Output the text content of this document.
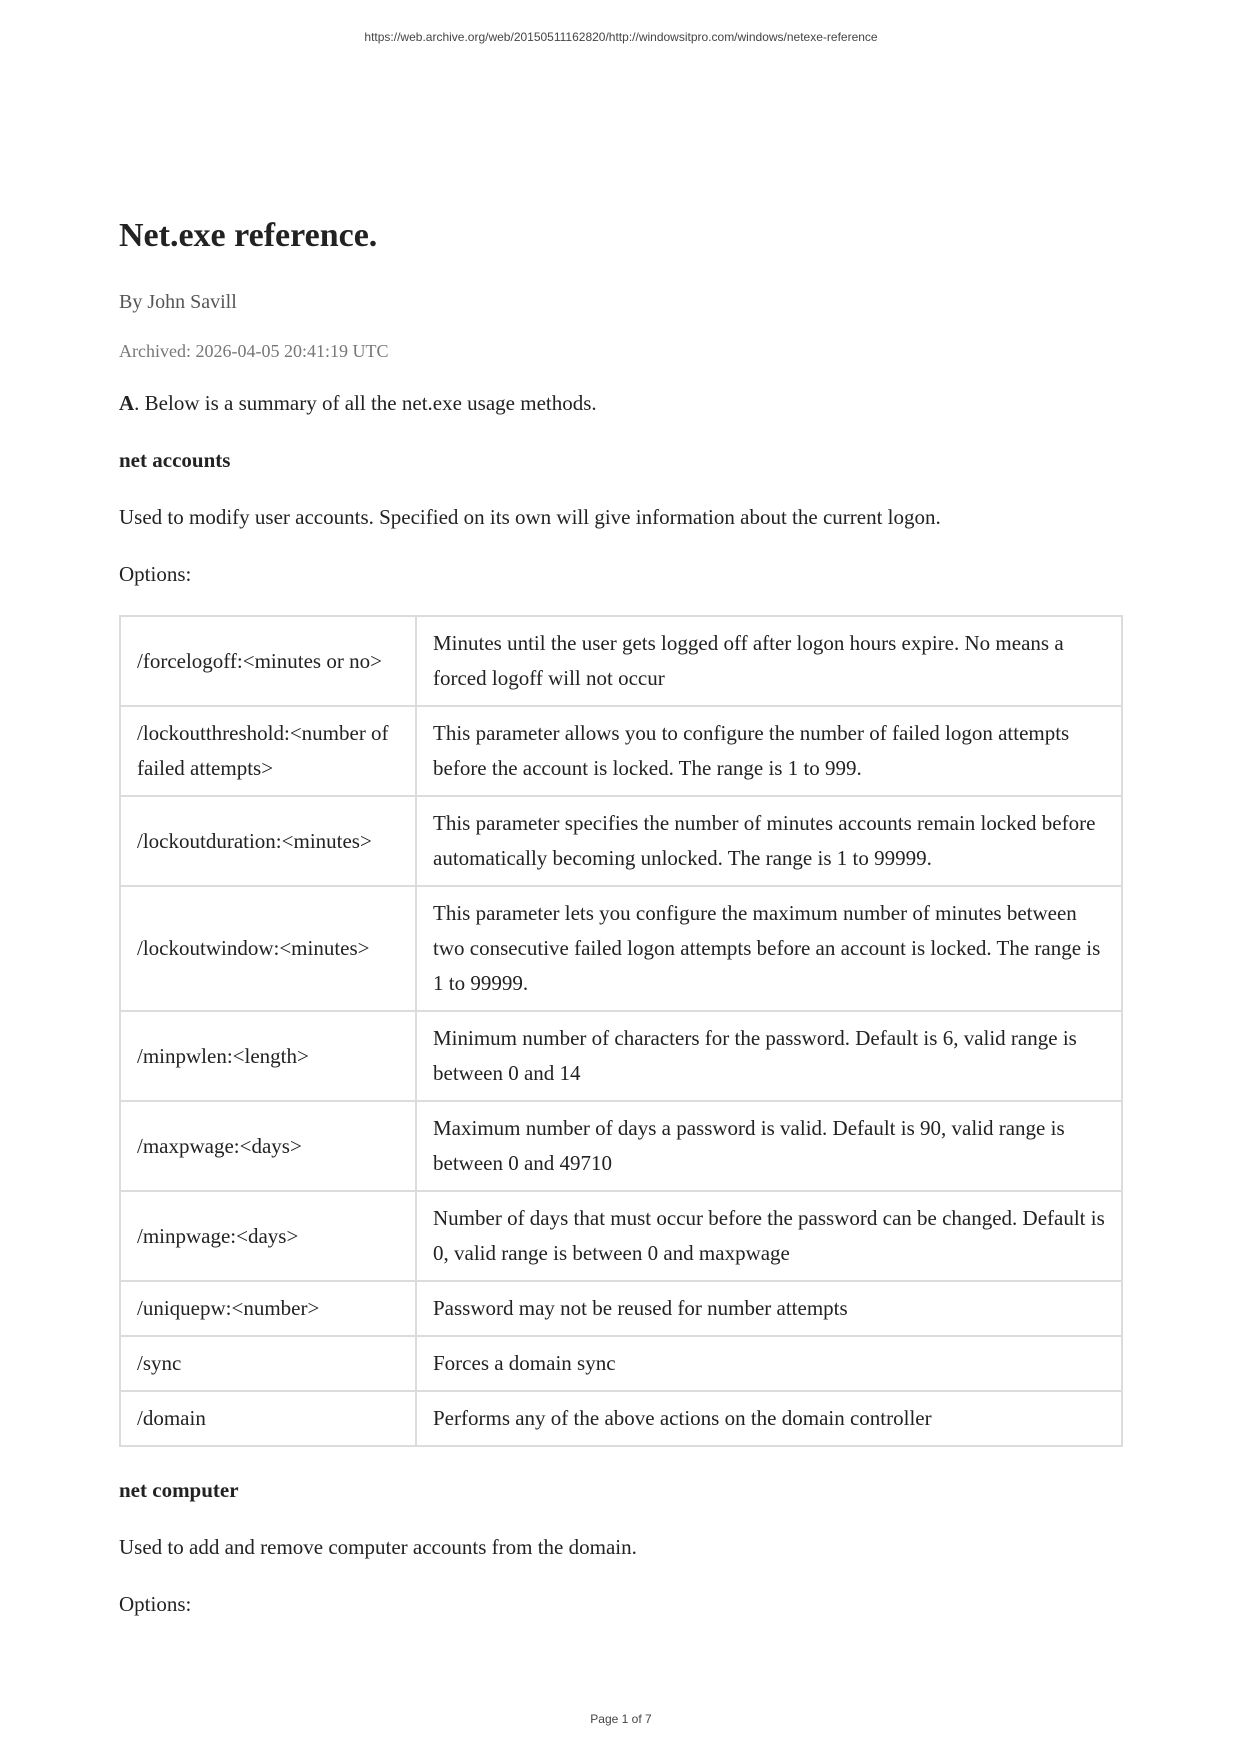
https://web.archive.org/web/20150511162820/http://windowsitpro.com/windows/netexe-reference
Net.exe reference.
By John Savill
Archived: 2026-04-05 20:41:19 UTC
A. Below is a summary of all the net.exe usage methods.
net accounts
Used to modify user accounts. Specified on its own will give information about the current logon.
Options:
/forcelogoff:<minutes or no>	Minutes until the user gets logged off after logon hours expire. No means a forced logoff will not occur
/lockoutthreshold:<number of failed attempts>	This parameter allows you to configure the number of failed logon attempts before the account is locked. The range is 1 to 999.
/lockoutduration:<minutes>	This parameter specifies the number of minutes accounts remain locked before automatically becoming unlocked. The range is 1 to 99999.
/lockoutwindow:<minutes>	This parameter lets you configure the maximum number of minutes between two consecutive failed logon attempts before an account is locked. The range is 1 to 99999.
/minpwlen:<length>	Minimum number of characters for the password. Default is 6, valid range is between 0 and 14
/maxpwage:<days>	Maximum number of days a password is valid. Default is 90, valid range is between 0 and 49710
/minpwage:<days>	Number of days that must occur before the password can be changed. Default is 0, valid range is between 0 and maxpwage
/uniquepw:<number>	Password may not be reused for number attempts
/sync	Forces a domain sync
/domain	Performs any of the above actions on the domain controller
net computer
Used to add and remove computer accounts from the domain.
Options:
Page 1 of 7
